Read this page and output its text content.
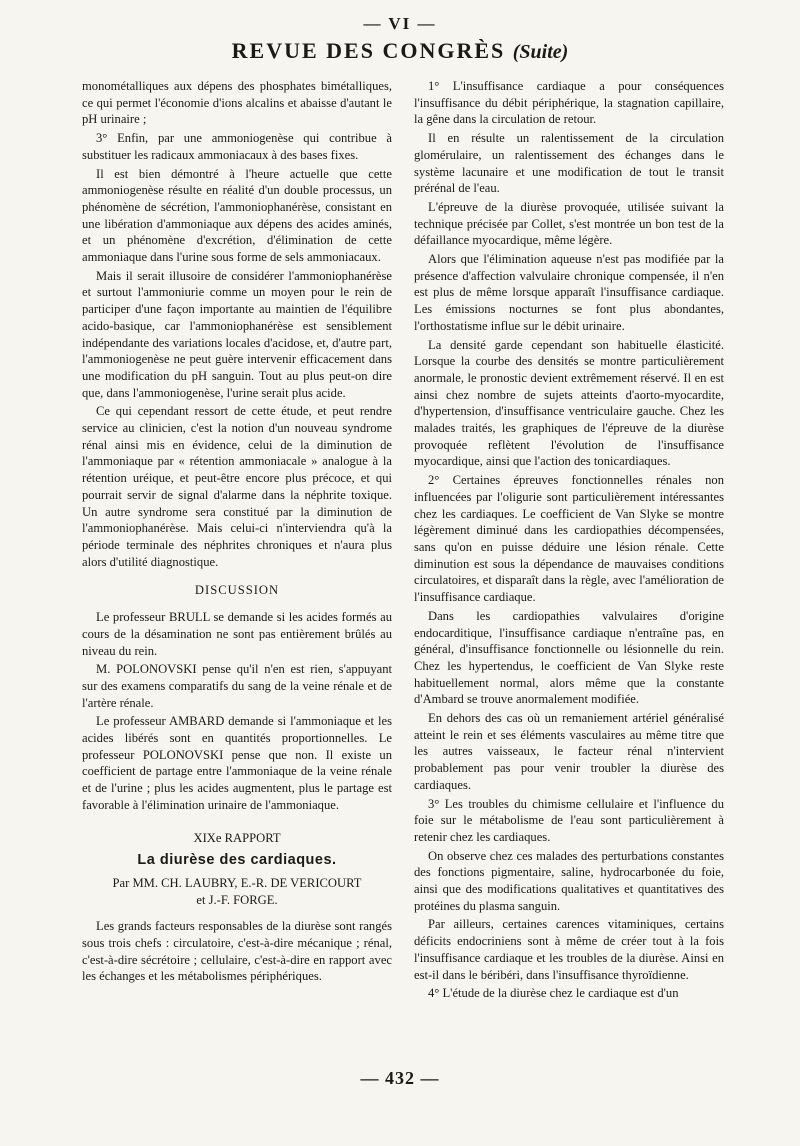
— VI —
REVUE DES CONGRÈS (Suite)

monométalliques aux dépens des phosphates bimétalliques, ce qui permet l'économie d'ions alcalins et abaisse d'autant le pH urinaire ;

3° Enfin, par une ammoniogenèse qui contribue à substituer les radicaux ammoniacaux à des bases fixes.

Il est bien démontré à l'heure actuelle que cette ammoniogenèse résulte en réalité d'un double processus, un phénomène de sécrétion, l'ammoniophanérèse, consistant en une libération d'ammoniaque aux dépens des acides aminés, et un phénomène d'excrétion, d'élimination de cette ammoniaque dans l'urine sous forme de sels ammoniacaux.

Mais il serait illusoire de considérer l'ammoniophanérèse et surtout l'ammoniurie comme un moyen pour le rein de participer d'une façon importante au maintien de l'équilibre acido-basique, car l'ammoniophanérèse est sensiblement indépendante des variations locales d'acidose, et, d'autre part, l'ammoniogenèse ne peut guère intervenir efficacement dans une modification du pH sanguin. Tout au plus peut-on dire que, dans l'ammoniogenèse, l'urine serait plus acide.

Ce qui cependant ressort de cette étude, et peut rendre service au clinicien, c'est la notion d'un nouveau syndrome rénal ainsi mis en évidence, celui de la diminution de l'ammoniaque par « rétention ammoniacale » analogue à la rétention uréique, et peut-être encore plus précoce, et qui pourrait servir de signal d'alarme dans la néphrite toxique. Un autre syndrome sera constitué par la diminution de l'ammoniophanérèse. Mais celui-ci n'interviendra qu'à la période terminale des néphrites chroniques et n'aura plus alors d'utilité diagnostique.

DISCUSSION

Le professeur BRULL se demande si les acides formés au cours de la désamination ne sont pas entièrement brûlés au niveau du rein.

M. POLONOVSKI pense qu'il n'en est rien, s'appuyant sur des examens comparatifs du sang de la veine rénale et de l'artère rénale.

Le professeur AMBARD demande si l'ammoniaque et les acides libérés sont en quantités proportionnelles. Le professeur POLONOVSKI pense que non. Il existe un coefficient de partage entre l'ammoniaque de la veine rénale et de l'urine ; plus les acides augmentent, plus le partage est favorable à l'élimination urinaire de l'ammoniaque.

XIXe RAPPORT
La diurèse des cardiaques.
Par MM. CH. LAUBRY, E.-R. DE VERICOURT
et J.-F. FORGE.

Les grands facteurs responsables de la diurèse sont rangés sous trois chefs : circulatoire, c'est-à-dire mécanique ; rénal, c'est-à-dire sécrétoire ; cellulaire, c'est-à-dire en rapport avec les échanges et les métabolismes périphériques.

1° L'insuffisance cardiaque a pour conséquences l'insuffisance du débit périphérique, la stagnation capillaire, la gêne dans la circulation de retour.

Il en résulte un ralentissement de la circulation glomérulaire, un ralentissement des échanges dans le système lacunaire et une modification de tout le transit prérénal de l'eau.

L'épreuve de la diurèse provoquée, utilisée suivant la technique précisée par Collet, s'est montrée un bon test de la défaillance myocardique, même légère.

Alors que l'élimination aqueuse n'est pas modifiée par la présence d'affection valvulaire chronique compensée, il n'en est plus de même lorsque apparaît l'insuffisance cardiaque. Les émissions nocturnes se font plus abondantes, l'orthostatisme influe sur le débit urinaire.

La densité garde cependant son habituelle élasticité. Lorsque la courbe des densités se montre particulièrement anormale, le pronostic devient extrêmement réservé. Il en est ainsi chez nombre de sujets atteints d'aorto-myocardite, d'hypertension, d'insuffisance ventriculaire gauche. Chez les malades traités, les graphiques de l'épreuve de la diurèse provoquée reflètent l'évolution de l'insuffisance myocardique, ainsi que l'action des tonicardiaques.

2° Certaines épreuves fonctionnelles rénales non influencées par l'oligurie sont particulièrement intéressantes chez les cardiaques. Le coefficient de Van Slyke se montre légèrement diminué dans les cardiopathies décompensées, sans qu'on en puisse déduire une lésion rénale. Cette diminution est sous la dépendance de mauvaises conditions circulatoires, et disparaît dans la règle, avec l'amélioration de l'insuffisance cardiaque.

Dans les cardiopathies valvulaires d'origine endocarditique, l'insuffisance cardiaque n'entraîne pas, en général, d'insuffisance fonctionnelle ou lésionnelle du rein. Chez les hypertendus, le coefficient de Van Slyke reste habituellement normal, alors même que la constante d'Ambard se trouve anormalement modifiée.

En dehors des cas où un remaniement artériel généralisé atteint le rein et ses éléments vasculaires au même titre que les autres vaisseaux, le facteur rénal n'intervient probablement pas pour venir troubler la diurèse des cardiaques.

3° Les troubles du chimisme cellulaire et l'influence du foie sur le métabolisme de l'eau sont particulièrement à retenir chez les cardiaques.

On observe chez ces malades des perturbations constantes des fonctions pigmentaire, saline, hydrocarbonée du foie, ainsi que des modifications qualitatives et quantitatives des protéines du plasma sanguin.

Par ailleurs, certaines carences vitaminiques, certains déficits endocriniens sont à même de créer tout à la fois l'insuffisance cardiaque et les troubles de la diurèse. Ainsi en est-il dans le béribéri, dans l'insuffisance thyroïdienne.

4° L'étude de la diurèse chez le cardiaque est d'un

— 432 —
